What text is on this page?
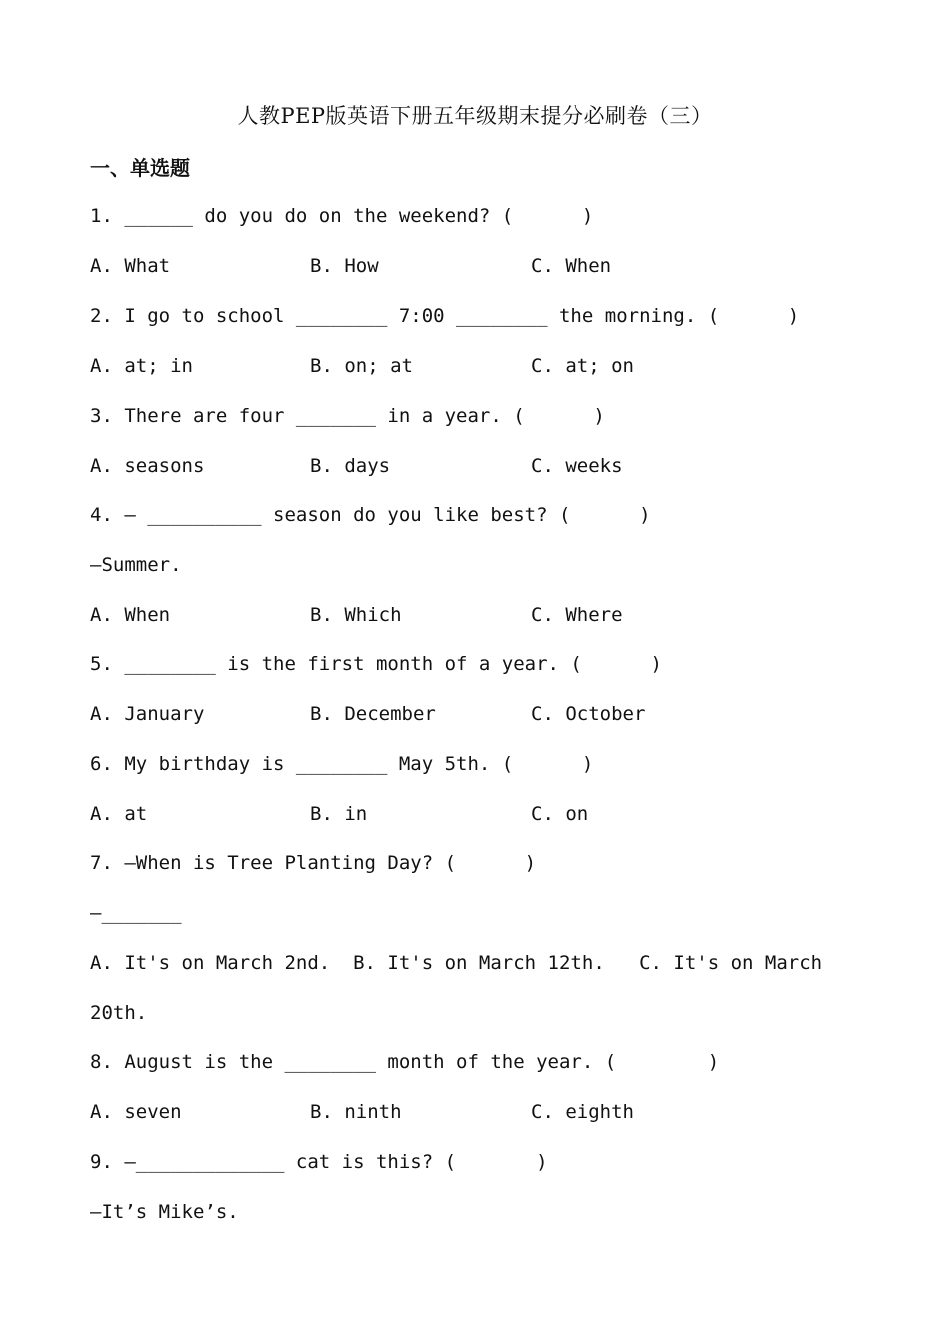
人教PEP版英语下册五年级期末提分必刷卷（三）
一、单选题
1. ______ do you do on the weekend? (      )

A. What

	B. How

	C. When

2. I go to school ________ 7:00 ________ the morning. (      )

A. at; in

	B. on; at

	C. at; on

3. There are four _______ in a year. (      )

A. seasons

	B. days

	C. weeks

4. — __________ season do you like best? (      )
—Summer.

A. When

	B. Which

	C. Where

5. ________ is the first month of a year. (      )

A. January

	B. December

	C. October

6. My birthday is ________ May 5th. (      )

A. at

	B. in

	C. on

7. —When is Tree Planting Day? (      )
—_______
A. It's on March 2nd.  B. It's on March 12th.   C. It's on March
20th.
8. August is the ________ month of the year. (        )

A. seven

	B. ninth

	C. eighth

9. —_____________ cat is this? (       )
—It’s Mike’s.
